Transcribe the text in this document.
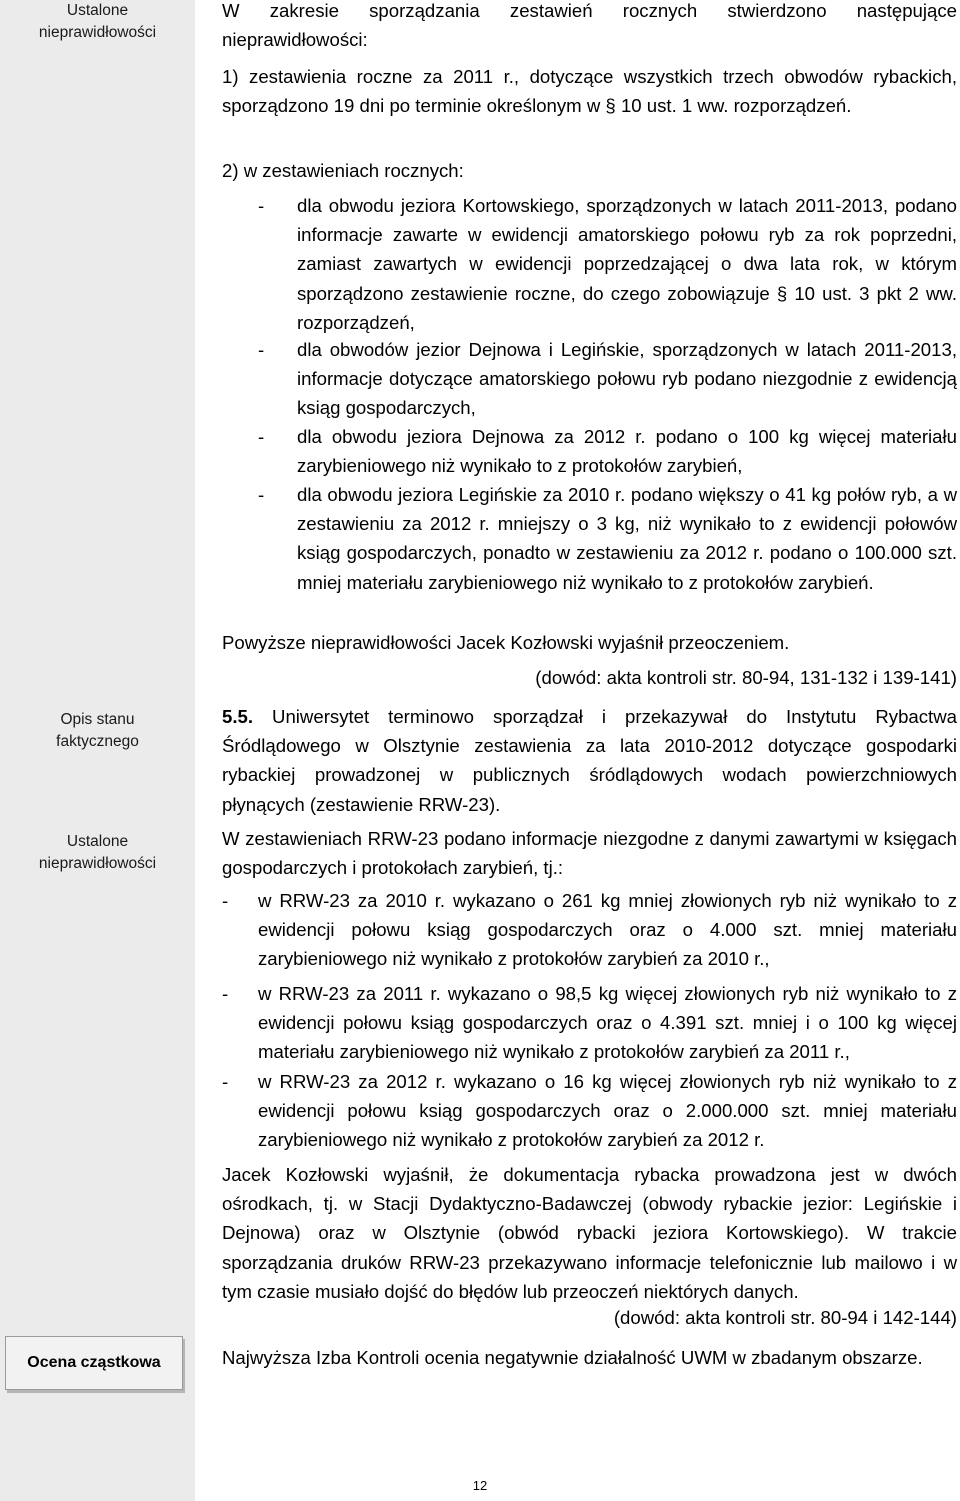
Ustalone
nieprawidłowości
Opis stanu
faktycznego
Ustalone
nieprawidłowości
Ocena cząstkowa

W zakresie sporządzania zestawień rocznych stwierdzono następujące nieprawidłowości:

1) zestawienia roczne za 2011 r., dotyczące wszystkich trzech obwodów rybackich, sporządzono 19 dni po terminie określonym w § 10 ust. 1 ww. rozporządzeń.

2) w zestawieniach rocznych:

- dla obwodu jeziora Kortowskiego, sporządzonych w latach 2011-2013, podano informacje zawarte w ewidencji amatorskiego połowu ryb za rok poprzedni, zamiast zawartych w ewidencji poprzedzającej o dwa lata rok, w którym sporządzono zestawienie roczne, do czego zobowiązuje § 10 ust. 3 pkt 2 ww. rozporządzeń,

- dla obwodów jezior Dejnowa i Legińskie, sporządzonych w latach 2011-2013, informacje dotyczące amatorskiego połowu ryb podano niezgodnie z ewidencją ksiąg gospodarczych,

- dla obwodu jeziora Dejnowa za 2012 r. podano o 100 kg więcej materiału zarybieniowego niż wynikało to z protokołów zarybień,

- dla obwodu jeziora Legińskie za 2010 r. podano większy o 41 kg połów ryb, a w zestawieniu za 2012 r. mniejszy o 3 kg, niż wynikało to z ewidencji połowów ksiąg gospodarczych, ponadto w zestawieniu za 2012 r. podano o 100.000 szt. mniej materiału zarybieniowego niż wynikało to z protokołów zarybień.

Powyższe nieprawidłowości Jacek Kozłowski wyjaśnił przeoczeniem.

(dowód: akta kontroli str. 80-94, 131-132 i 139-141)

5.5. Uniwersytet terminowo sporządzał i przekazywał do Instytutu Rybactwa Śródlądowego w Olsztynie zestawienia za lata 2010-2012 dotyczące gospodarki rybackiej prowadzonej w publicznych śródlądowych wodach powierzchniowych płynących (zestawienie RRW-23).

W zestawieniach RRW-23 podano informacje niezgodne z danymi zawartymi w księgach gospodarczych i protokołach zarybień, tj.:

- w RRW-23 za 2010 r. wykazano o 261 kg mniej złowionych ryb niż wynikało to z ewidencji połowu ksiąg gospodarczych oraz o 4.000 szt. mniej materiału zarybieniowego niż wynikało z protokołów zarybień za 2010 r.,

- w RRW-23 za 2011 r. wykazano o 98,5 kg więcej złowionych ryb niż wynikało to z ewidencji połowu ksiąg gospodarczych oraz o 4.391 szt. mniej i o 100 kg więcej materiału zarybieniowego niż wynikało z protokołów zarybień za 2011 r.,

- w RRW-23 za 2012 r. wykazano o 16 kg więcej złowionych ryb niż wynikało to z ewidencji połowu ksiąg gospodarczych oraz o 2.000.000 szt. mniej materiału zarybieniowego niż wynikało z protokołów zarybień za 2012 r.

Jacek Kozłowski wyjaśnił, że dokumentacja rybacka prowadzona jest w dwóch ośrodkach, tj. w Stacji Dydaktyczno-Badawczej (obwody rybackie jezior: Legińskie i Dejnowa) oraz w Olsztynie (obwód rybacki jeziora Kortowskiego). W trakcie sporządzania druków RRW-23 przekazywano informacje telefonicznie lub mailowo i w tym czasie musiało dojść do błędów lub przeoczeń niektórych danych.

(dowód: akta kontroli str. 80-94 i 142-144)

Najwyższa Izba Kontroli ocenia negatywnie działalność UWM w zbadanym obszarze.

12
